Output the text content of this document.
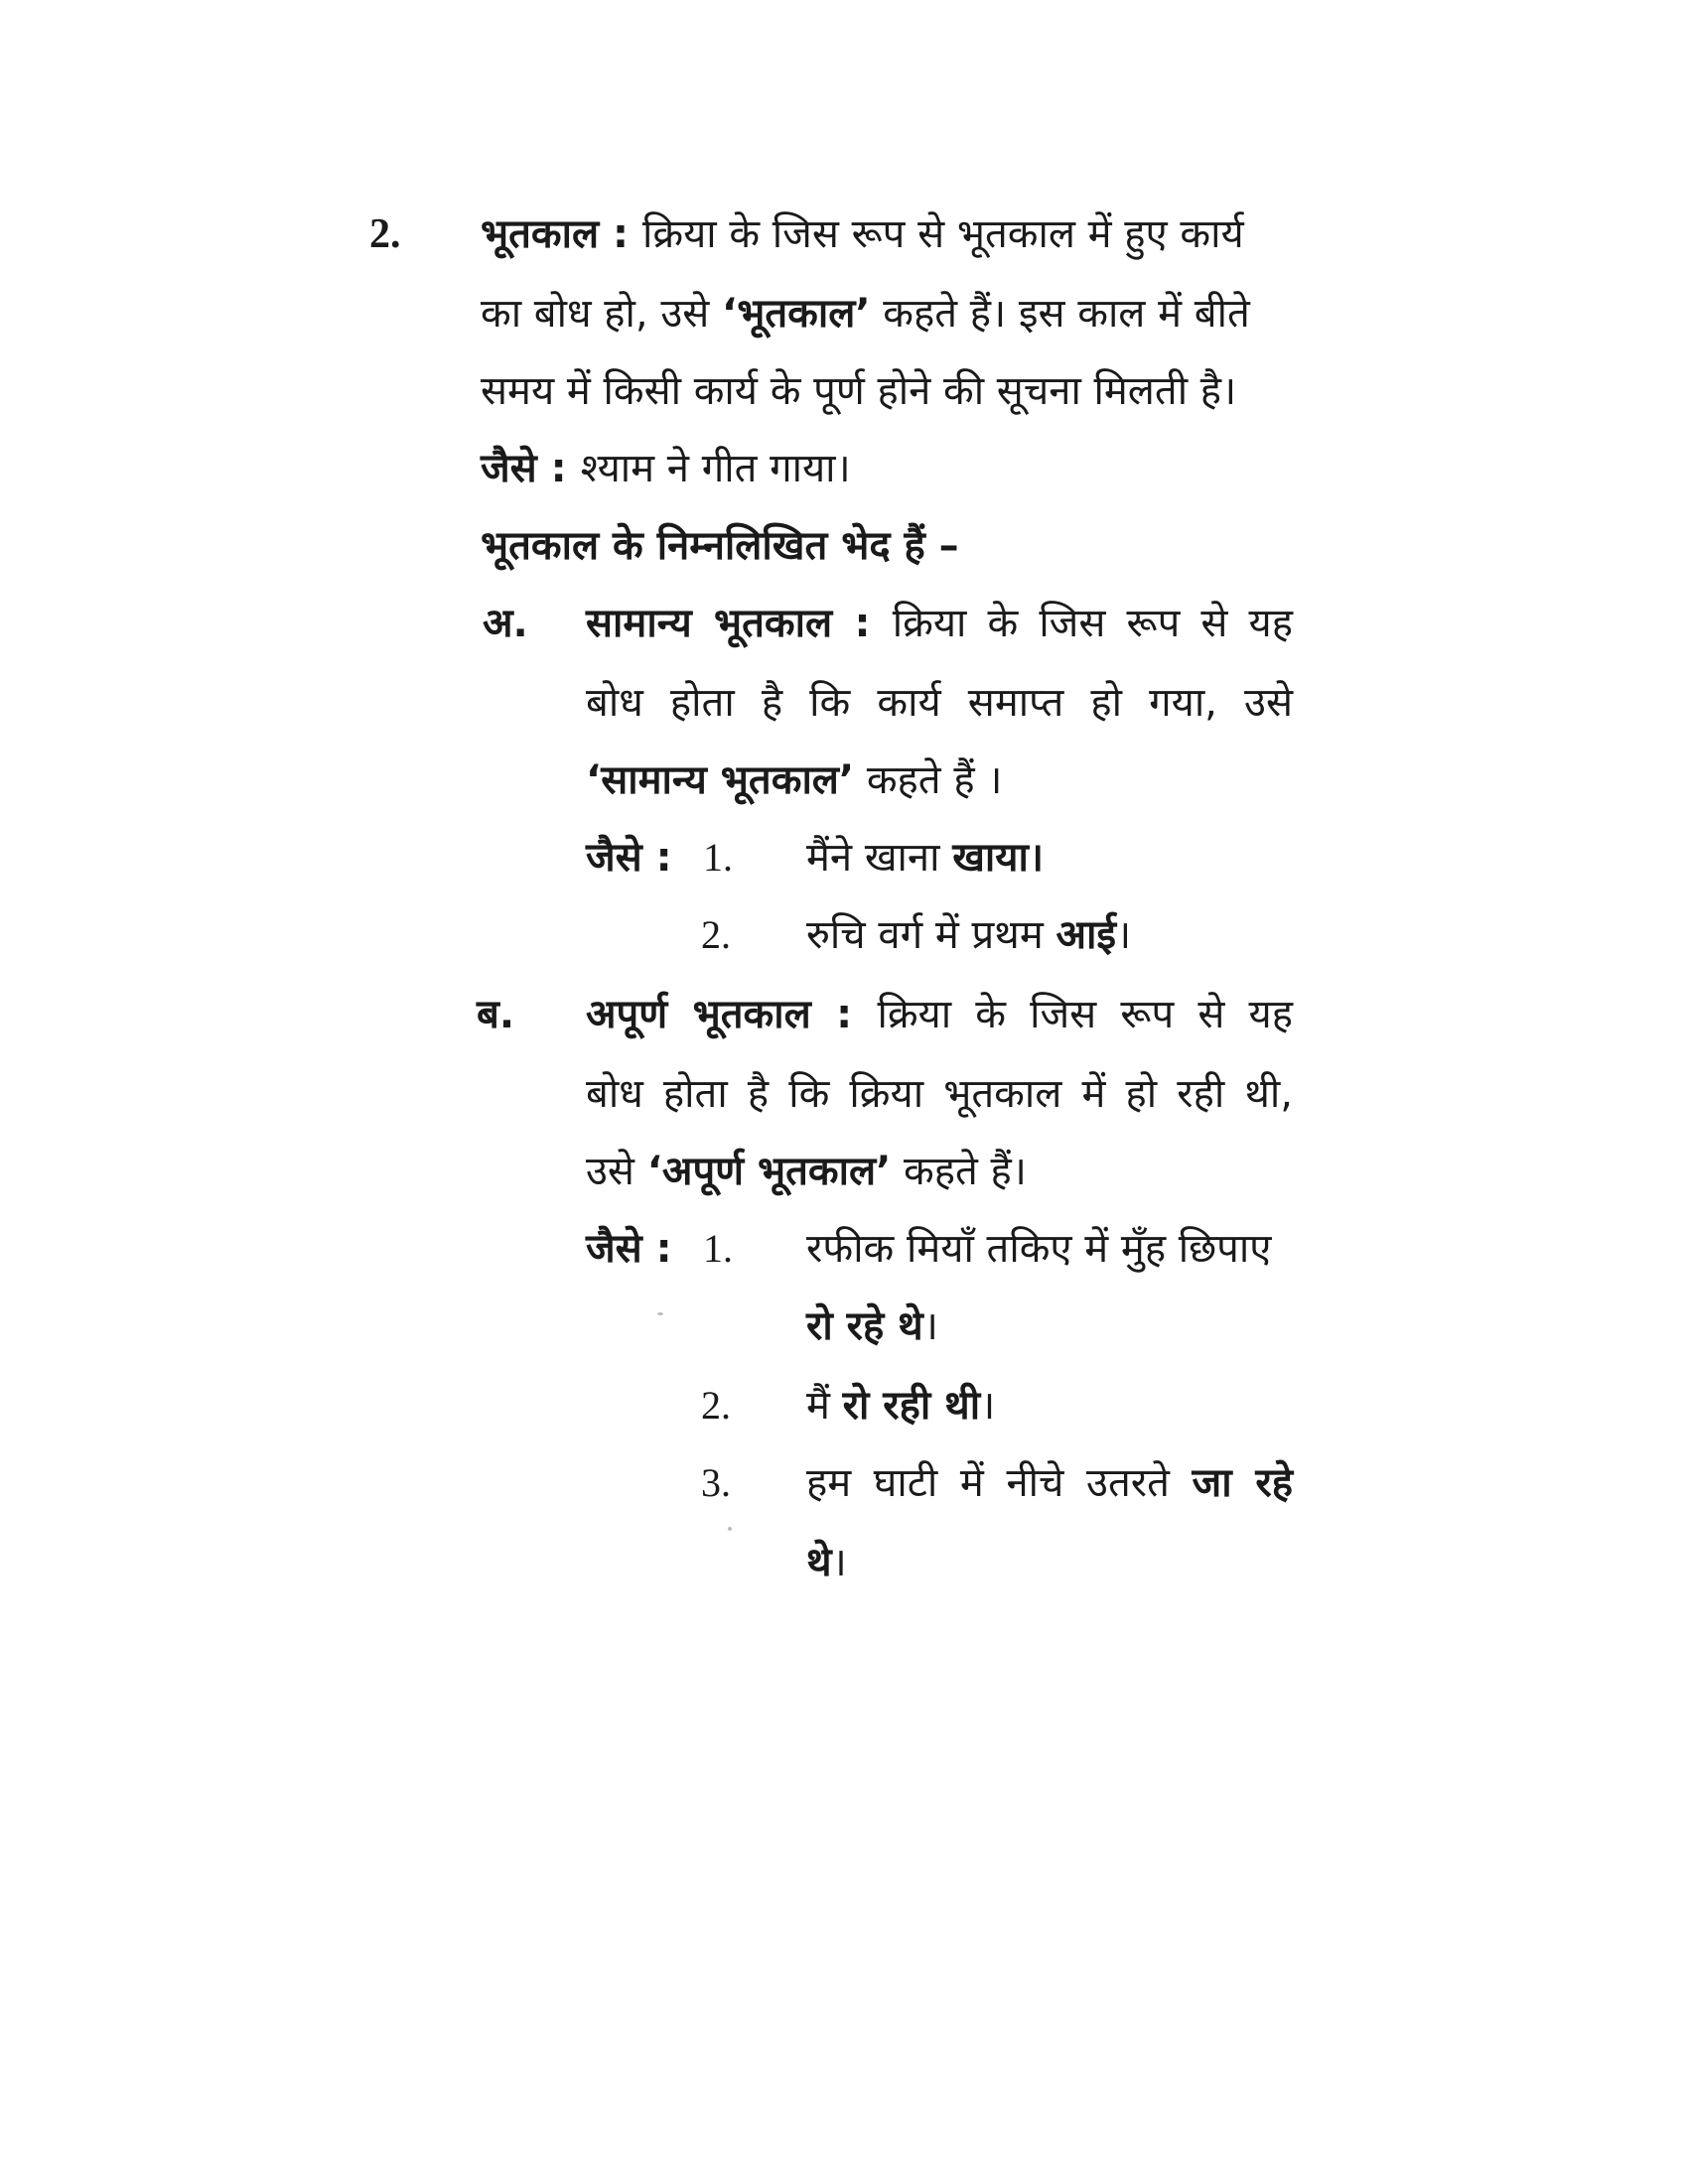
2. भूतकाल : क्रिया के जिस रूप से भूतकाल में हुए कार्य
का बोध हो, उसे ‘भूतकाल’ कहते हैं। इस काल में बीते
समय में किसी कार्य के पूर्ण होने की सूचना मिलती है।
जैसे : श्याम ने गीत गाया।
भूतकाल के निम्नलिखित भेद हैं –
अ. सामान्य भूतकाल : क्रिया के जिस रूप से यह
बोध होता है कि कार्य समाप्त हो गया, उसे
‘सामान्य भूतकाल’ कहते हैं ।
जैसे : 1. मैंने खाना खाया।
2. रुचि वर्ग में प्रथम आई।
ब. अपूर्ण भूतकाल : क्रिया के जिस रूप से यह
बोध होता है कि क्रिया भूतकाल में हो रही थी,
उसे ‘अपूर्ण भूतकाल’ कहते हैं।
जैसे : 1. रफीक मियाँ तकिए में मुँह छिपाए
रो रहे थे।
2. मैं रो रही थी।
3. हम घाटी में नीचे उतरते जा रहे
थे।
